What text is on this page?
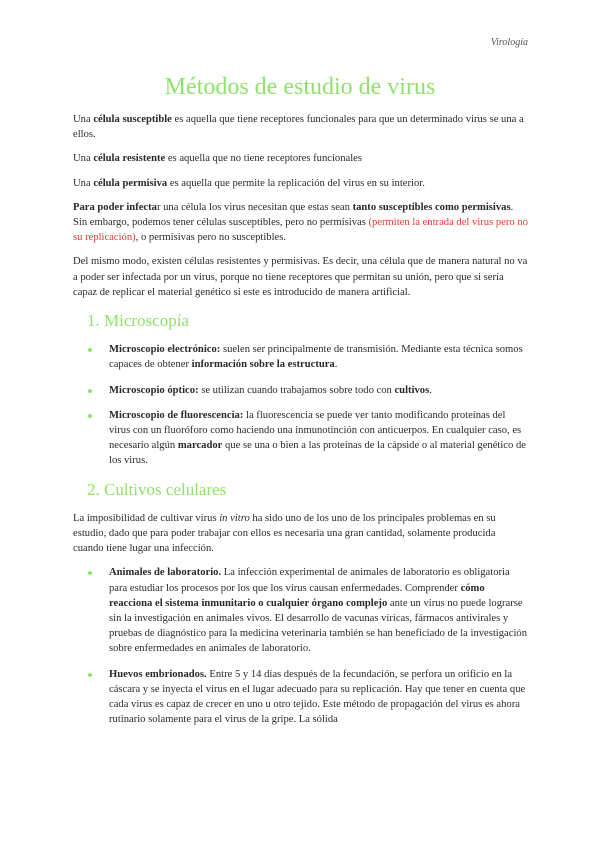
Virología
Métodos de estudio de virus

Una célula susceptible es aquella que tiene receptores funcionales para que un determinado virus se una a ellos.

Una célula resistente es aquella que no tiene receptores funcionales

Una célula permisiva es aquella que permite la replicación del virus en su interior.

Para poder infectar una célula los virus necesitan que estas sean tanto susceptibles como permisivas. Sin embargo, podemos tener células susceptibles, pero no permisivas (permiten la entrada del virus pero no su replicación), o permisivas pero no susceptibles.

Del mismo modo, existen células resistentes y permisivas. Es decir, una célula que de manera natural no va a poder ser infectada por un virus, porque no tiene receptores que permitan su unión, pero que si sería capaz de replicar el material genético si este es introducido de manera artificial.

1. Microscopía
Microscopio electrónico: suelen ser principalmente de transmisión. Mediante esta técnica somos capaces de obtener información sobre la estructura.
Microscopio óptico: se utilizan cuando trabajamos sobre todo con cultivos.
Microscopio de fluorescencia: la fluorescencia se puede ver tanto modificando proteínas del virus con un fluoróforo como haciendo una inmunotinción con anticuerpos. En cualquier caso, es necesario algún marcador que se una o bien a las proteínas de la cápside o al material genético de los virus.
2. Cultivos celulares

La imposibilidad de cultivar virus in vitro ha sido uno de los uno de los principales problemas en su estudio, dado que para poder trabajar con ellos es necesaria una gran cantidad, solamente producida cuando tiene lugar una infección.

Animales de laboratorio. La infección experimental de animales de laboratorio es obligatoria para estudiar los procesos por los que los virus causan enfermedades. Comprender cómo reacciona el sistema inmunitario o cualquier órgano complejo ante un virus no puede lograrse sin la investigación en animales vivos. El desarrollo de vacunas víricas, fármacos antivirales y pruebas de diagnóstico para la medicina veterinaria también se han beneficiado de la investigación sobre enfermedades en animales de laboratorio.
Huevos embrionados. Entre 5 y 14 días después de la fecundación, se perfora un orificio en la cáscara y se inyecta el virus en el lugar adecuado para su replicación. Hay que tener en cuenta que cada virus es capaz de crecer en uno u otro tejido. Este método de propagación del virus es ahora rutinario solamente para el virus de la gripe. La sólida
